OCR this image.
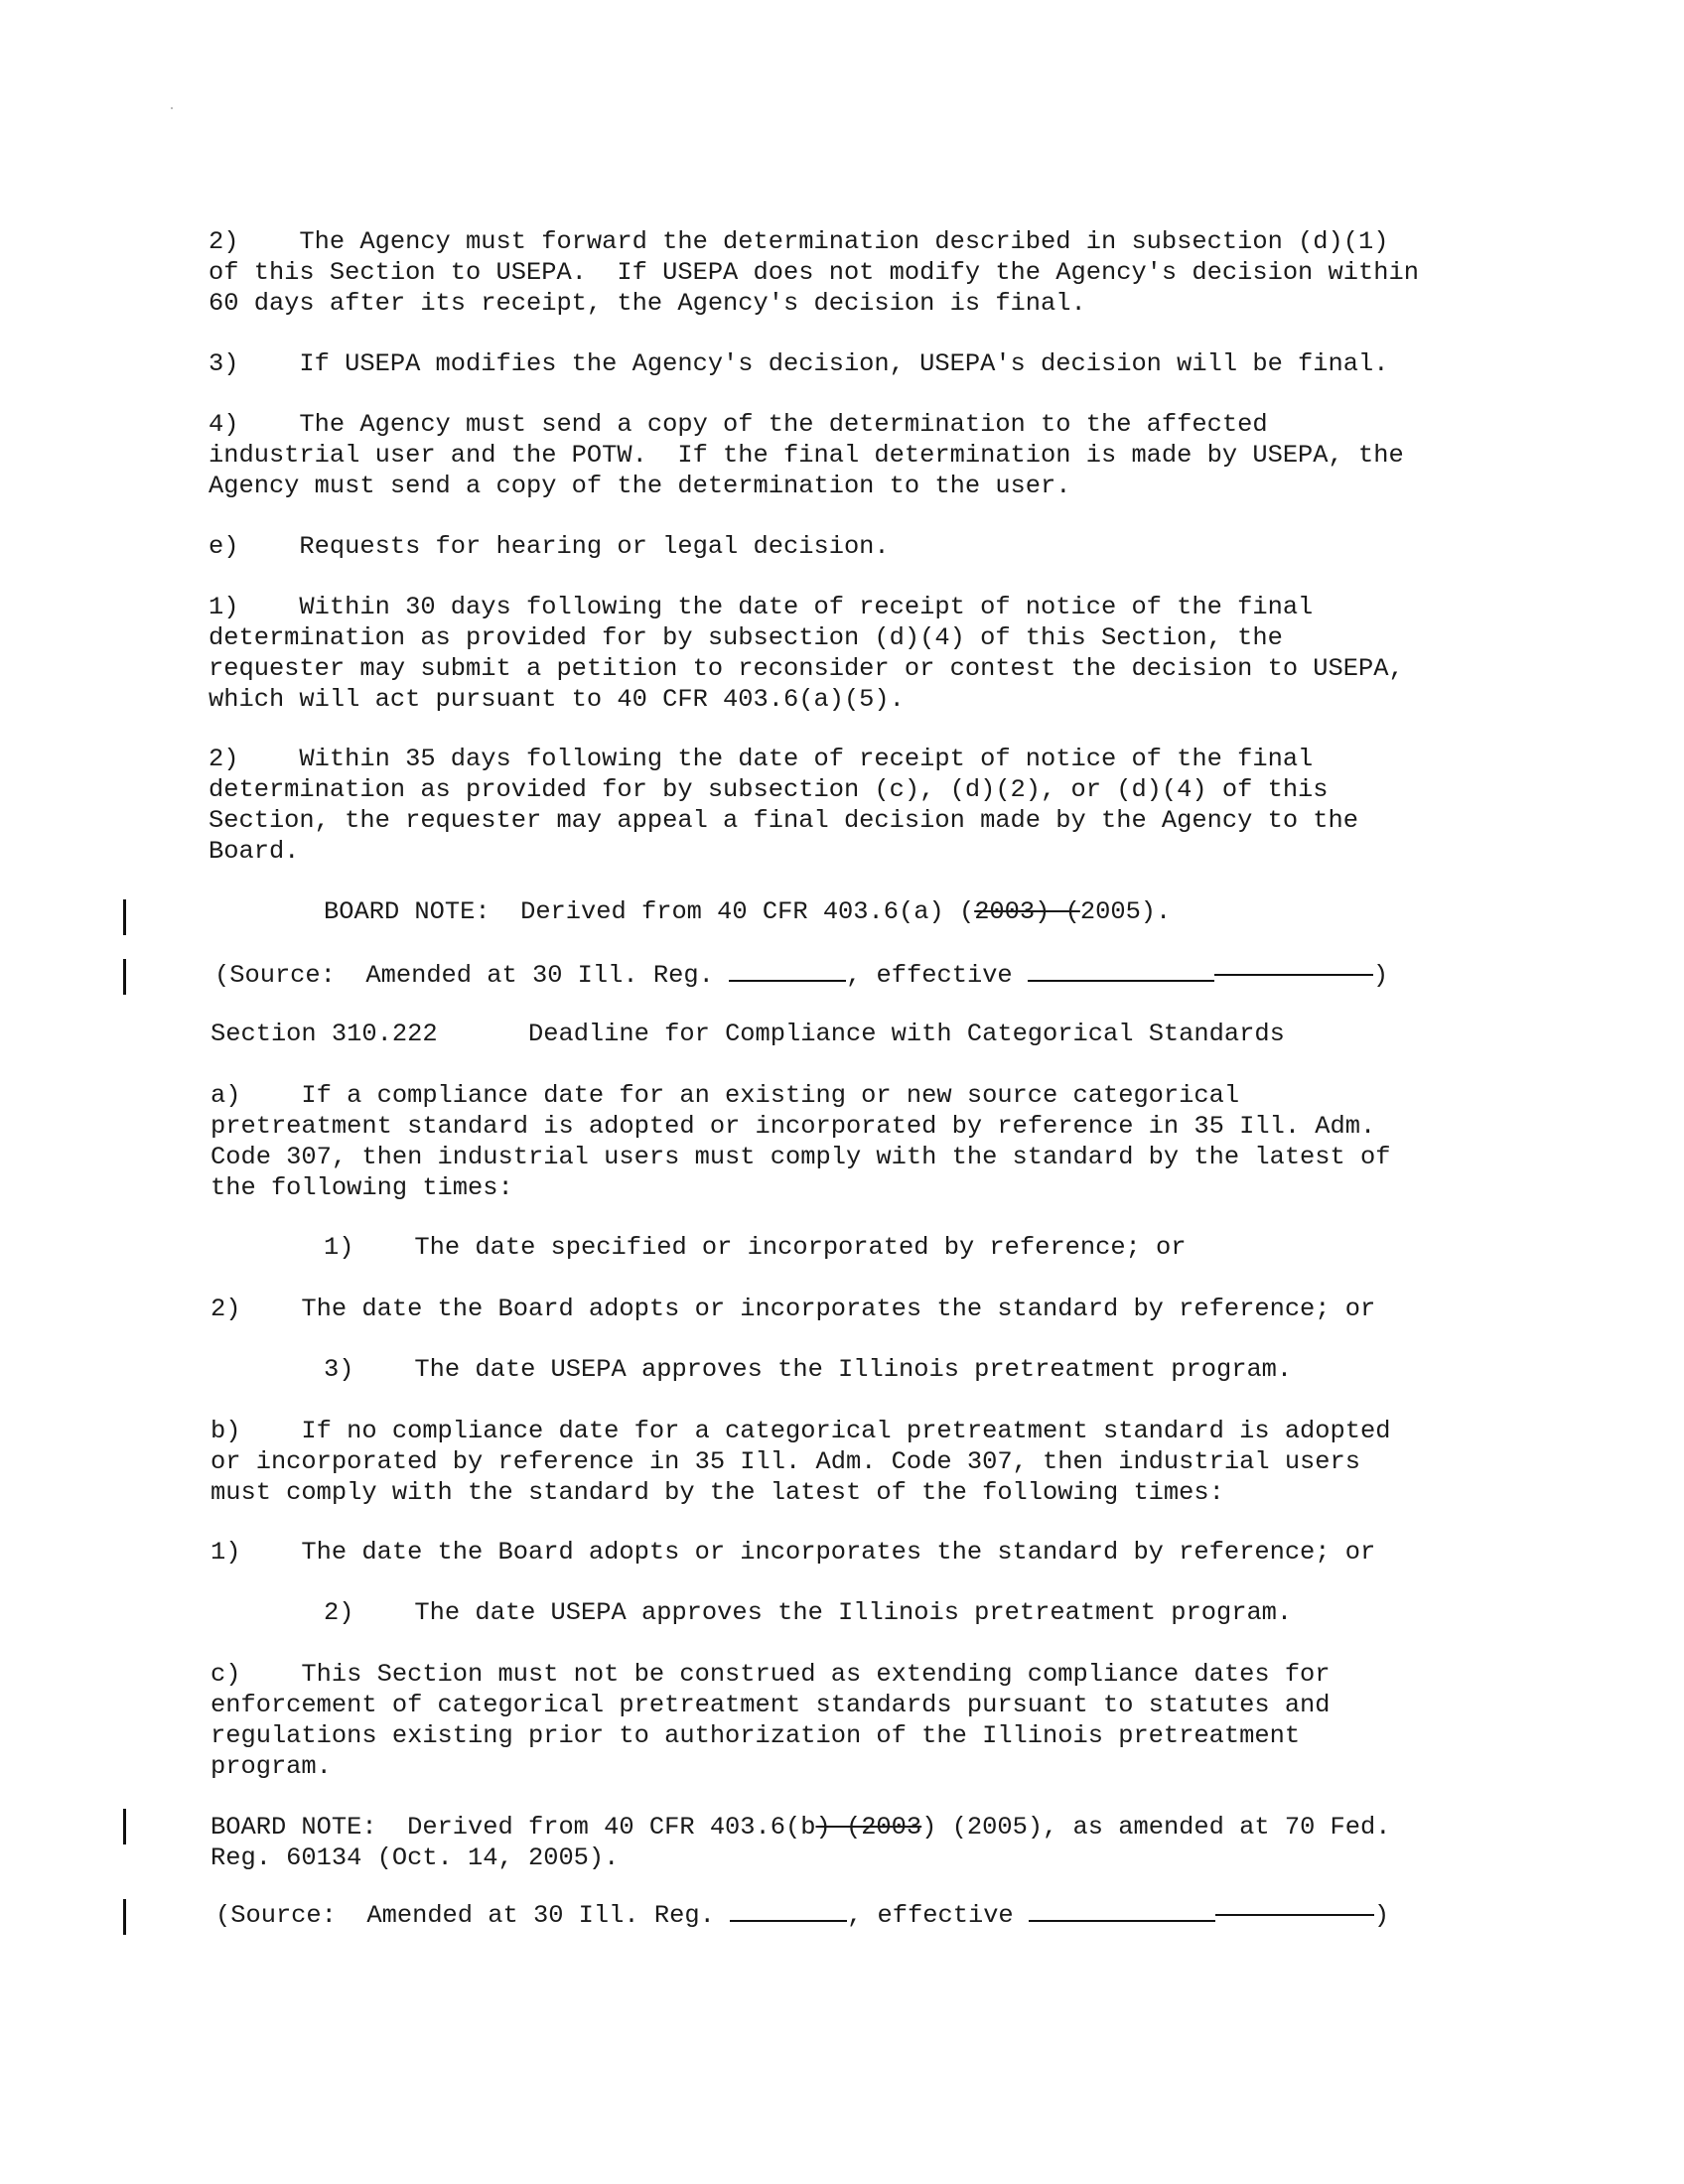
2)    The Agency must forward the determination described in subsection (d)(1)
of this Section to USEPA.  If USEPA does not modify the Agency's decision within
60 days after its receipt, the Agency's decision is final.
3)    If USEPA modifies the Agency's decision, USEPA's decision will be final.
4)    The Agency must send a copy of the determination to the affected
industrial user and the POTW.  If the final determination is made by USEPA, the
Agency must send a copy of the determination to the user.
e)    Requests for hearing or legal decision.
1)    Within 30 days following the date of receipt of notice of the final
determination as provided for by subsection (d)(4) of this Section, the
requester may submit a petition to reconsider or contest the decision to USEPA,
which will act pursuant to 40 CFR 403.6(a)(5).
2)    Within 35 days following the date of receipt of notice of the final
determination as provided for by subsection (c), (d)(2), or (d)(4) of this
Section, the requester may appeal a final decision made by the Agency to the
Board.
BOARD NOTE:  Derived from 40 CFR 403.6(a) (2003) (2005).
(Source:  Amended at 30 Ill. Reg.	, effective	)
Section 310.222	Deadline for Compliance with Categorical Standards
a)    If a compliance date for an existing or new source categorical
pretreatment standard is adopted or incorporated by reference in 35 Ill. Adm.
Code 307, then industrial users must comply with the standard by the latest of
the following times:
1)    The date specified or incorporated by reference; or
2)    The date the Board adopts or incorporates the standard by reference; or
3)    The date USEPA approves the Illinois pretreatment program.
b)    If no compliance date for a categorical pretreatment standard is adopted
or incorporated by reference in 35 Ill. Adm. Code 307, then industrial users
must comply with the standard by the latest of the following times:
1)    The date the Board adopts or incorporates the standard by reference; or
2)    The date USEPA approves the Illinois pretreatment program.
c)    This Section must not be construed as extending compliance dates for
enforcement of categorical pretreatment standards pursuant to statutes and
regulations existing prior to authorization of the Illinois pretreatment
program.
BOARD NOTE:  Derived from 40 CFR 403.6(b) (2003) (2005), as amended at 70 Fed.
Reg. 60134 (Oct. 14, 2005).
(Source:  Amended at 30 Ill. Reg.	, effective	)
